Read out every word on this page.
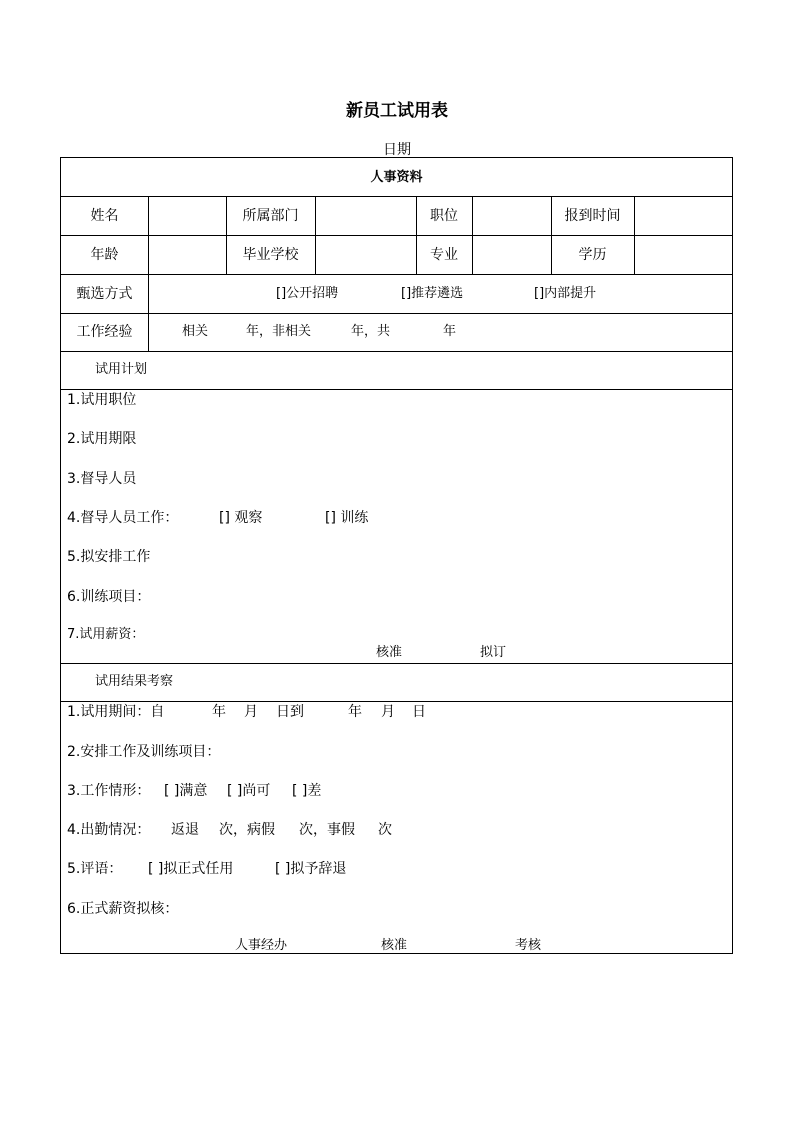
新员工试用表
日期
人事资料
姓名	所属部门	职位	报到时间
年龄	毕业学校	专业	学历
甄选方式	[]公开招聘	[]推荐遴选	[]内部提升
工作经验	相关	年，非相关	年，共	年
试用计划
1.试用职位
2.试用期限
3.督导人员
4.督导人员工作：	[] 观察	[] 训练
5.拟安排工作
6.训练项目：
7.试用薪资：
核准	拟订
试用结果考察
1.试用期间：自	年 月 日到	年 月 日
2.安排工作及训练项目：
3.工作情形： [ ]满意 [ ]尚可 [ ]差
4.出勤情况： 返退 次，病假 次，事假 次
5.评语： [ ]拟正式任用	[ ]拟予辞退
6.正式薪资拟核：
人事经办	核准	考核
